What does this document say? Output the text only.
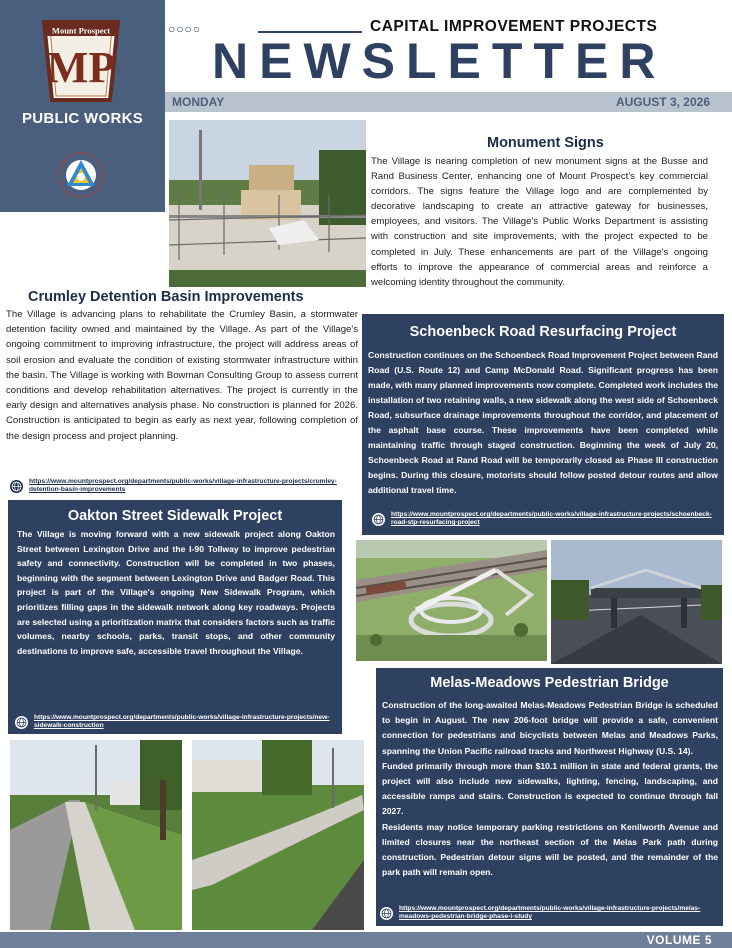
Mount Prospect
MP
PUBLIC WORKS
○○○○	CAPITAL IMPROVEMENT PROJECTS
NEWSLETTER
MONDAY	AUGUST 3, 2026
Monument Signs
The Village is nearing completion of new monument signs at the Busse and Rand Business Center, enhancing one of Mount Prospect's key commercial corridors. The signs feature the Village logo and are complemented by decorative landscaping to create an attractive gateway for businesses, employees, and visitors. The Village's Public Works Department is assisting with construction and site improvements, with the project expected to be completed in July. These enhancements are part of the Village's ongoing efforts to improve the appearance of commercial areas and reinforce a welcoming identity throughout the community.
Crumley Detention Basin Improvements
The Village is advancing plans to rehabilitate the Crumley Basin, a stormwater detention facility owned and maintained by the Village. As part of the Village's ongoing commitment to improving infrastructure, the project will address areas of soil erosion and evaluate the condition of existing stormwater infrastructure within the basin. The Village is working with Bowman Consulting Group to assess current conditions and develop rehabilitation alternatives. The project is currently in the early design and alternatives analysis phase. No construction is planned for 2026. Construction is anticipated to begin as early as next year, following completion of the design process and project planning.
https://www.mountprospect.org/departments/public-works/village-infrastructure-projects/crumley-detention-basin-improvements
Schoenbeck Road Resurfacing Project
Construction continues on the Schoenbeck Road Improvement Project between Rand Road (U.S. Route 12) and Camp McDonald Road. Significant progress has been made, with many planned improvements now complete. Completed work includes the installation of two retaining walls, a new sidewalk along the west side of Schoenbeck Road, subsurface drainage improvements throughout the corridor, and placement of the asphalt base course. These improvements have been completed while maintaining traffic through staged construction. Beginning the week of July 20, Schoenbeck Road at Rand Road will be temporarily closed as Phase III construction begins. During this closure, motorists should follow posted detour routes and allow additional travel time.
https://www.mountprospect.org/departments/public-works/village-infrastructure-projects/schoenbeck-road-stp-resurfacing-project
Oakton Street Sidewalk Project
The Village is moving forward with a new sidewalk project along Oakton Street between Lexington Drive and the I-90 Tollway to improve pedestrian safety and connectivity. Construction will be completed in two phases, beginning with the segment between Lexington Drive and Badger Road. This project is part of the Village's ongoing New Sidewalk Program, which prioritizes filling gaps in the sidewalk network along key roadways. Projects are selected using a prioritization matrix that considers factors such as traffic volumes, nearby schools, parks, transit stops, and other community destinations to improve safe, accessible travel throughout the Village.
https://www.mountprospect.org/departments/public-works/village-infrastructure-projects/new-sidewalk-construction
Melas-Meadows Pedestrian Bridge

Construction of the long-awaited Melas-Meadows Pedestrian Bridge is scheduled to begin in August. The new 206-foot bridge will provide a safe, convenient connection for pedestrians and bicyclists between Melas and Meadows Parks, spanning the Union Pacific railroad tracks and Northwest Highway (U.S. 14).

Funded primarily through more than $10.1 million in state and federal grants, the project will also include new sidewalks, lighting, fencing, landscaping, and accessible ramps and stairs. Construction is expected to continue through fall 2027.

Residents may notice temporary parking restrictions on Kenilworth Avenue and limited closures near the northeast section of the Melas Park path during construction. Pedestrian detour signs will be posted, and the remainder of the park path will remain open.

https://www.mountprospect.org/departments/public-works/village-infrastructure-projects/melas-meadows-pedestrian-bridge-phase-i-study
VOLUME 5
